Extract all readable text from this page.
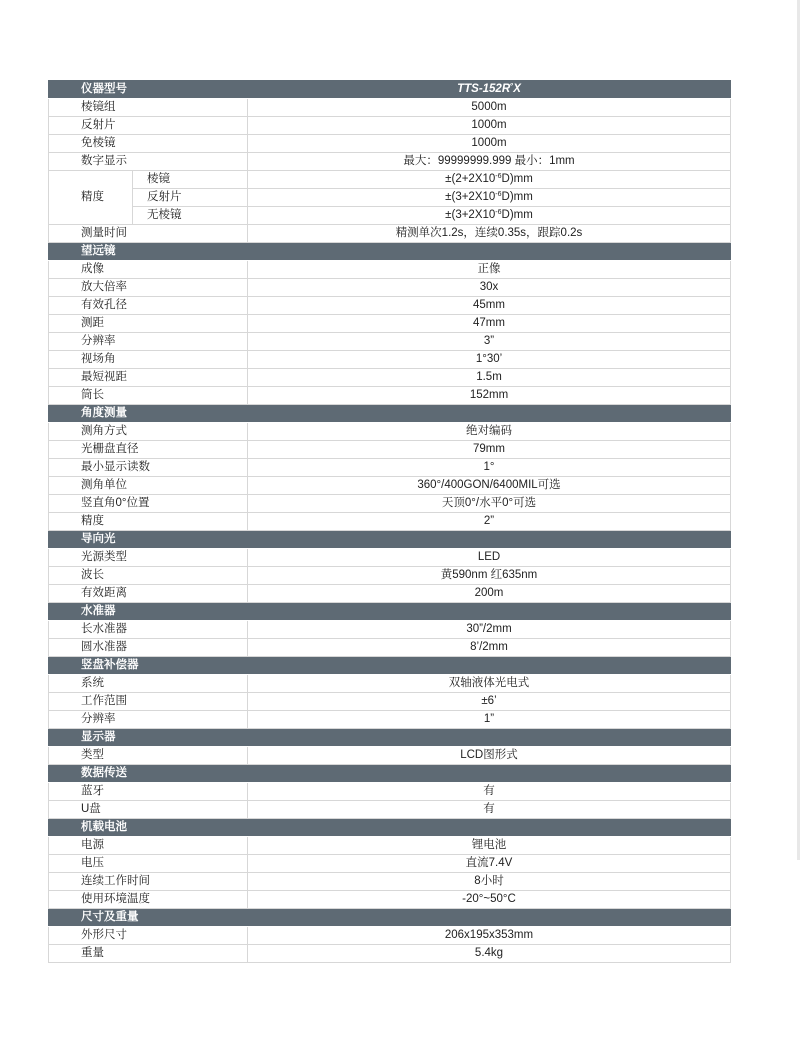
仪器型号		TTS-$152R^{^0}X$
棱镜组		5000m
反射片		1000m
免棱镜		1000m
数字显示		最大：99999999.999 最小：1mm
精度	棱镜	$\pm(2+2X10^{-6}D)mm$
	反射片	$\pm(3+2X10^{-6}D)mm$
	无棱镜	$\pm(3+2X10^{-6}D)mm$
测量时间		精测单次1.2s，连续0.35s，跟踪0.2s
望远镜		
成像		正像
放大倍率		30x
有效孔径		45mm
测距		47mm
分辨率		3”
视场角		1°30’
最短视距		1.5m
筒长		152mm
角度测量		
测角方式		绝对编码
光栅盘直径		79mm
最小显示读数		1°
测角单位		360°/400GON/6400MIL可选
竖直角0°位置		天顶0°/水平0°可选
精度		2”
导向光		
光源类型		LED
波长		黄590nm 红635nm
有效距离		200m
水准器		
长水准器		30”/2mm
圆水准器		8’/2mm
竖盘补偿器		
系统		双轴液体光电式
工作范围		±6’
分辨率		1”
显示器		
类型		LCD图形式
数据传送		
蓝牙		有
U盘		有
机载电池		
电源		锂电池
电压		直流7.4V
连续工作时间		8小时
使用环境温度		-20°~50°C
尺寸及重量		
外形尺寸		206x195x353mm
重量		5.4kg
